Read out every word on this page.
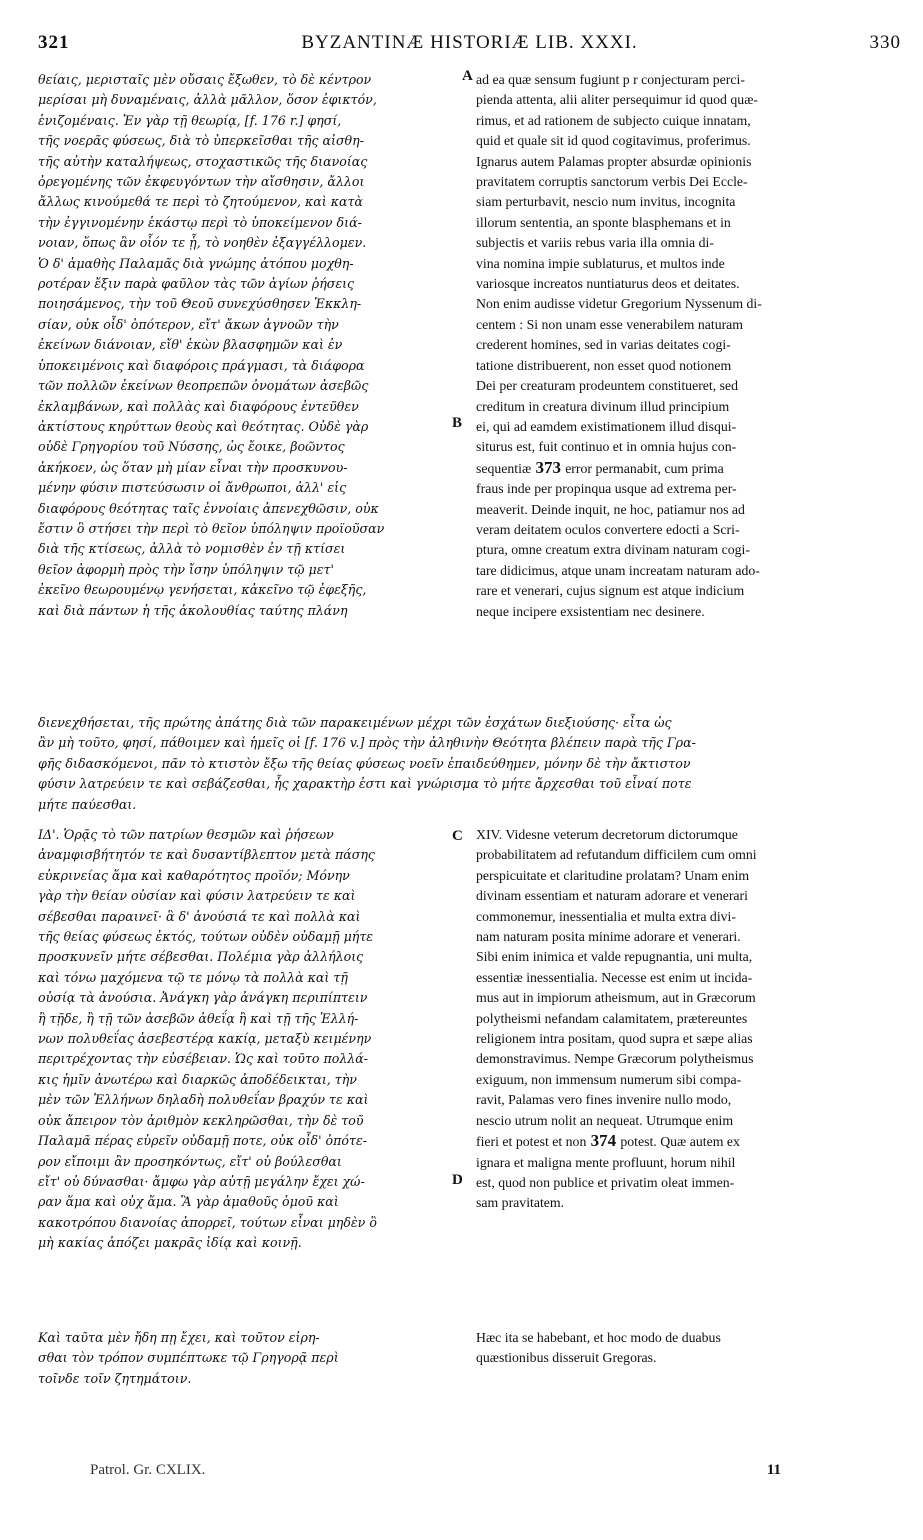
321	BYZANTINÆ HISTORIÆ LIB. XXXI.	330
θείαις, μερισταῖς μὲν οὔσαις ἔξωθεν, τὸ δὲ κέντρον
μερίσαι μὴ δυναμέναις, ἀλλὰ μᾶλλον, ὅσον ἐφικτόν,
ἑνιζομέναις. Ἐν γὰρ τῇ θεωρίᾳ, [f. 176 r.] φησί,
τῆς νοερᾶς φύσεως, διὰ τὸ ὑπερκεῖσθαι τῆς αἰσθη-
τῆς αὐτὴν καταλήψεως, στοχαστικῶς τῆς διανοίας
ὀρεγομένης τῶν ἐκφευγόντων τὴν αἴσθησιν, ἄλλοι
ἄλλως κινούμεθά τε περὶ τὸ ζητούμενον, καὶ κατὰ
τὴν ἐγγινομένην ἑκάστῳ περὶ τὸ ὑποκείμενον διά-
νοιαν, ὅπως ἂν οἷόν τε ᾖ, τὸ νοηθὲν ἐξαγγέλλομεν.
Ὁ δ' ἀμαθὴς Παλαμᾶς διὰ γνώμης ἀτόπου μοχθη-
ροτέραν ἔξιν παρὰ φαῦλον τὰς τῶν ἁγίων ῥήσεις
ποιησάμενος, τὴν τοῦ Θεοῦ συνεχύσθησεν Ἐκκλη-
σίαν, οὐκ οἶδ' ὁπότερον, εἴτ' ἄκων ἀγνοῶν τὴν
ἐκείνων διάνοιαν, εἴθ' ἑκὼν βλασφημῶν καὶ ἐν
ὑποκειμένοις καὶ διαφόροις πράγμασι, τὰ διάφορα
τῶν πολλῶν ἐκείνων θεοπρεπῶν ὀνομάτων ἀσεβῶς
ἐκλαμβάνων, καὶ πολλὰς καὶ διαφόρους ἐντεῦθεν
ἀκτίστους κηρύττων θεοὺς καὶ θεότητας. Οὐδὲ γὰρ
οὐδὲ Γρηγορίου τοῦ Νύσσης, ὡς ἔοικε, βοῶντος
ἀκήκοεν, ὡς ὅταν μὴ μίαν εἶναι τὴν προσκυνου-
μένην φύσιν πιστεύσωσιν οἱ ἄνθρωποι, ἀλλ' εἰς
διαφόρους θεότητας ταῖς ἐννοίαις ἀπενεχθῶσιν, οὐκ
ἔστιν ὃ στήσει τὴν περὶ τὸ θεῖον ὑπόληψιν προϊοῦσαν
διὰ τῆς κτίσεως, ἀλλὰ τὸ νομισθὲν ἐν τῇ κτίσει
θεῖον ἀφορμὴ πρὸς τὴν ἴσην ὑπόληψιν τῷ μετ'
ἐκεῖνο θεωρουμένῳ γενήσεται, κἀκεῖνο τῷ ἐφεξῆς,
καὶ διὰ πάντων ἡ τῆς ἀκολουθίας ταύτης πλάνη
ad ea quæ sensum fugiunt p r conjecturam perci-
pienda attenta, alii aliter persequimur id quod quæ-
rimus, et ad rationem de subjecto cuique innatam,
quid et quale sit id quod cogitavimus, proferimus.
Ignarus autem Palamas propter absurdæ opinionis
pravitatem corruptis sanctorum verbis Dei Eccle-
siam perturbavit, nescio num invitus, incognita
illorum sententia, an sponte blasphemans et in
subjectis et variis rebus varia illa omnia di-
vina nomina impie sublaturus, et multos inde
variosque increatos nuntiaturus deos et deitates.
Non enim audisse videtur Gregorium Nyssenum di-
centem : Si non unam esse venerabilem naturam
crederent homines, sed in varias deitates cogi-
tatione distribuerent, non esset quod notionem
Dei per creaturam prodeuntem constitueret, sed
creditum in creatura divinum illud principium
ei, qui ad eamdem existimationem illud disqui-
siturus est, fuit continuo et in omnia hujus con-
sequentiæ 373 error permanabit, cum prima
fraus inde per propinqua usque ad extrema per-
meaverit. Deinde inquit, ne hoc, patiamur nos ad
veram deitatem oculos convertere edocti a Scri-
ptura, omne creatum extra divinam naturam cogi-
tare didicimus, atque unam increatam naturam ado-
rare et venerari, cujus signum est atque indicium
neque incipere exsistentiam nec desinere.
A
B
C
D
διενεχθήσεται, τῆς πρώτης ἀπάτης διὰ τῶν παρακειμένων μέχρι τῶν ἐσχάτων διεξιούσης· εἶτα ὡς
ἂν μὴ τοῦτο, φησί, πάθοιμεν καὶ ἡμεῖς οἱ [f. 176 v.] πρὸς τὴν ἀληθινὴν Θεότητα βλέπειν παρὰ τῆς Γρα-
φῆς διδασκόμενοι, πᾶν τὸ κτιστὸν ἔξω τῆς θείας φύσεως νοεῖν ἐπαιδεύθημεν, μόνην δὲ τὴν ἄκτιστον
φύσιν λατρεύειν τε καὶ σεβάζεσθαι, ἧς χαρακτὴρ ἐστι καὶ γνώρισμα τὸ μήτε ἄρχεσθαι τοῦ εἶναί ποτε
μήτε παύεσθαι.
ΙΔ'. Ὁρᾷς τὸ τῶν πατρίων θεσμῶν καὶ ῥήσεων
ἀναμφισβήτητόν τε καὶ δυσαντίβλεπτον μετὰ πάσης
εὐκρινείας ἅμα καὶ καθαρότητος προϊόν; Μόνην
γὰρ τὴν θείαν οὐσίαν καὶ φύσιν λατρεύειν τε καὶ
σέβεσθαι παραινεῖ· ἃ δ' ἀνούσιά τε καὶ πολλὰ καὶ
τῆς θείας φύσεως ἐκτός, τούτων οὐδὲν οὐδαμῇ μήτε
προσκυνεῖν μήτε σέβεσθαι. Πολέμια γὰρ ἀλλήλοις
καὶ τόνω μαχόμενα τῷ τε μόνῳ τὰ πολλὰ καὶ τῇ
οὐσίᾳ τὰ ἀνούσια. Ἀνάγκη γὰρ ἀνάγκη περιπίπτειν
ἢ τῇδε, ἢ τῇ τῶν ἀσεβῶν ἀθεΐᾳ ἢ καὶ τῇ τῆς Ἑλλή-
νων πολυθεΐας ἀσεβεστέρᾳ κακίᾳ, μεταξὺ κειμένην
περιτρέχοντας τὴν εὐσέβειαν. Ὡς καὶ τοῦτο πολλά-
κις ἡμῖν ἀνωτέρω καὶ διαρκῶς ἀποδέδεικται, τὴν
μὲν τῶν Ἑλλήνων δηλαδὴ πολυθεΐαν βραχύν τε καὶ
οὐκ ἄπειρον τὸν ἀριθμὸν κεκληρῶσθαι, τὴν δὲ τοῦ
Παλαμᾶ πέρας εὑρεῖν οὐδαμῇ ποτε, οὐκ οἶδ' ὁπότε-
ρον εἴποιμι ἂν προσηκόντως, εἴτ' οὐ βούλεσθαι
εἴτ' οὐ δύνασθαι· ἄμφω γὰρ αὐτῇ μεγάλην ἔχει χώ-
ραν ἅμα καὶ οὐχ ἅμα. Ἃ γὰρ ἀμαθοῦς ὁμοῦ καὶ
κακοτρόπου διανοίας ἀπορρεῖ, τούτων εἶναι μηδὲν ὃ
μὴ κακίας ἀπόζει μακρᾶς ἰδίᾳ καὶ κοινῇ.
Καὶ ταῦτα μὲν ἤδη πῃ ἔχει, καὶ τοῦτον εἰρη-
σθαι τὸν τρόπον συμπέπτωκε τῷ Γρηγορᾷ περὶ
τοῖνδε τοῖν ζητημάτοιν.
XIV. Videsne veterum decretorum dictorumque
probabilitatem ad refutandum difficilem cum omni
perspicuitate et claritudine prolatam? Unam enim
divinam essentiam et naturam adorare et venerari
commonemur, inessentialia et multa extra divi-
nam naturam posita minime adorare et venerari.
Sibi enim inimica et valde repugnantia, uni multa,
essentiæ inessentialia. Necesse est enim ut incida-
mus aut in impiorum atheismum, aut in Græcorum
polytheismi nefandam calamitatem, prætereuntes
religionem intra positam, quod supra et sæpe alias
demonstravimus. Nempe Græcorum polytheismus
exiguum, non immensum numerum sibi compa-
ravit, Palamas vero fines invenire nullo modo,
nescio utrum nolit an nequeat. Utrumque enim
fieri et potest et non 374 potest. Quæ autem ex
ignara et maligna mente profluunt, horum nihil
est, quod non publice et privatim oleat immen-
sam pravitatem.
Hæc ita se habebant, et hoc modo de duabus
quæstionibus disseruit Gregoras.
Patrol. Gr. CXLIX.	11
